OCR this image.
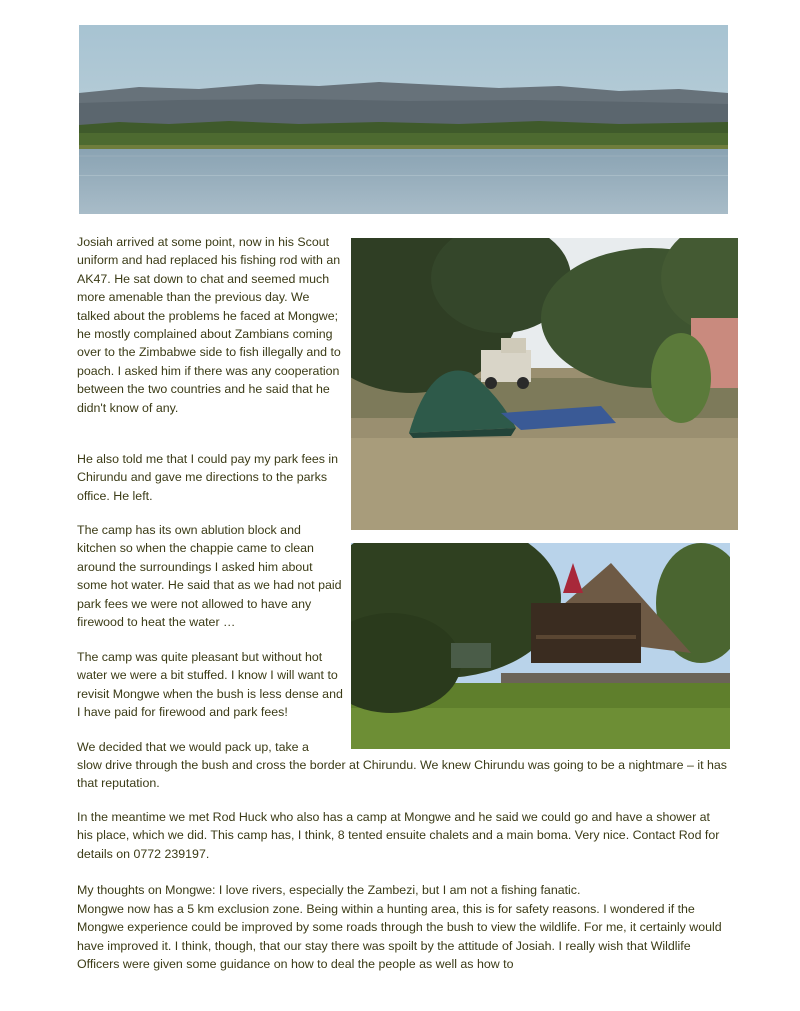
Josiah arrived at some point, now in his Scout uniform and had replaced his fishing rod with an AK47. He sat down to chat and seemed much more amenable than the previous day. We talked about the problems he faced at Mongwe; he mostly complained about Zambians coming over to the Zimbabwe side to fish illegally and to poach. I asked him if there was any cooperation between the two countries and he said that he didn't know of any.

He also told me that I could pay my park fees in Chirundu and gave me directions to the parks office. He left.

The camp has its own ablution block and kitchen so when the chappie came to clean around the surroundings I asked him about some hot water. He said that as we had not paid park fees we were not allowed to have any firewood to heat the water …

The camp was quite pleasant but without hot water we were a bit stuffed. I know I will want to revisit Mongwe when the bush is less dense and I have paid for firewood and park fees!

We decided that we would pack up, take a

slow drive through the bush and cross the border at Chirundu. We knew Chirundu was going to be a nightmare – it has that reputation.

In the meantime we met Rod Huck who also has a camp at Mongwe and he said we could go and have a shower at his place, which we did. This camp has, I think, 8 tented ensuite chalets and a main boma. Very nice. Contact Rod for details on 0772 239197.

My thoughts on Mongwe: I love rivers, especially the Zambezi, but I am not a fishing fanatic.

Mongwe now has a 5 km exclusion zone. Being within a hunting area, this is for safety reasons. I wondered if the Mongwe experience could be improved by some roads through the bush to view the wildlife. For me, it certainly would have improved it. I think, though, that our stay there was spoilt by the attitude of Josiah. I really wish that Wildlife Officers were given some guidance on how to deal the people as well as how to
